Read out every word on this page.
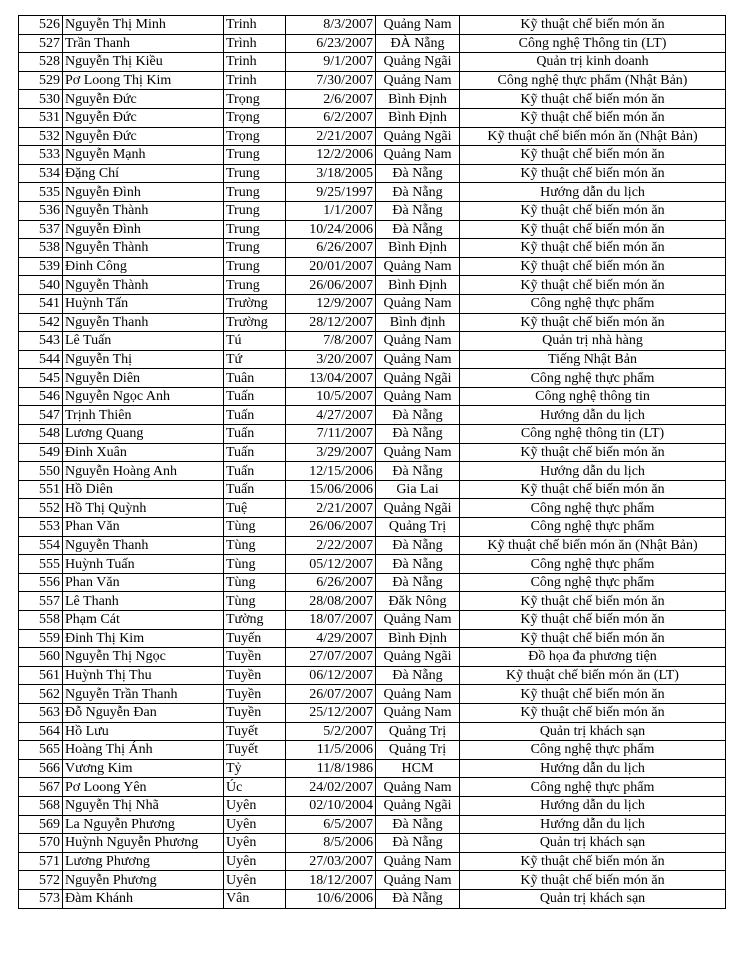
526	Nguyễn Thị Minh	Trinh	8/3/2007	Quảng Nam	Kỹ thuật chế biến món ăn
527	Trần Thanh	Trình	6/23/2007	ĐÀ Nẵng	Công nghệ Thông tin (LT)
528	Nguyễn Thị Kiều	Trinh	9/1/2007	Quảng Ngãi	Quản trị kinh doanh
529	Pơ Loong Thị Kim	Trinh	7/30/2007	Quảng Nam	Công nghệ thực phẩm (Nhật Bản)
530	Nguyễn Đức	Trọng	2/6/2007	Bình Định	Kỹ thuật chế biến món ăn
531	Nguyễn Đức	Trọng	6/2/2007	Bình Định	Kỹ thuật chế biến món ăn
532	Nguyễn Đức	Trọng	2/21/2007	Quảng Ngãi	Kỹ thuật chế biến món ăn (Nhật Bản)
533	Nguyễn Mạnh	Trung	12/2/2006	Quảng Nam	Kỹ thuật chế biến món ăn
534	Đặng Chí	Trung	3/18/2005	Đà Nẵng	Kỹ thuật chế biến món ăn
535	Nguyễn Đình	Trung	9/25/1997	Đà Nẵng	Hướng dẫn du lịch
536	Nguyễn Thành	Trung	1/1/2007	Đà Nẵng	Kỹ thuật chế biến món ăn
537	Nguyễn Đình	Trung	10/24/2006	Đà Nẵng	Kỹ thuật chế biến món ăn
538	Nguyễn Thành	Trung	6/26/2007	Bình Định	Kỹ thuật chế biến món ăn
539	Đinh Công	Trung	20/01/2007	Quảng Nam	Kỹ thuật chế biến món ăn
540	Nguyễn Thành	Trung	26/06/2007	Bình Định	Kỹ thuật chế biến món ăn
541	Huỳnh Tấn	Trường	12/9/2007	Quảng Nam	Công nghệ thực phẩm
542	Nguyễn Thanh	Trường	28/12/2007	Bình định	Kỹ thuật chế biến món ăn
543	Lê Tuấn	Tú	7/8/2007	Quảng Nam	Quản trị nhà hàng
544	Nguyễn Thị	Tứ	3/20/2007	Quảng Nam	Tiếng Nhật Bản
545	Nguyễn Diên	Tuân	13/04/2007	Quảng Ngãi	Công nghệ thực phẩm
546	Nguyễn Ngọc Anh	Tuấn	10/5/2007	Quảng Nam	Công nghệ thông tin
547	Trịnh Thiên	Tuấn	4/27/2007	Đà Nẵng	Hướng dẫn du lịch
548	Lương Quang	Tuấn	7/11/2007	Đà Nẵng	Công nghệ thông tin (LT)
549	Đinh Xuân	Tuấn	3/29/2007	Quảng Nam	Kỹ thuật chế biến món ăn
550	Nguyễn Hoàng Anh	Tuấn	12/15/2006	Đà Nẵng	Hướng dẫn du lịch
551	Hồ Diên	Tuấn	15/06/2006	Gia Lai	Kỹ thuật chế biến món ăn
552	Hồ Thị Quỳnh	Tuệ	2/21/2007	Quảng Ngãi	Công nghệ thực phẩm
553	Phan Văn	Tùng	26/06/2007	Quảng Trị	Công nghệ thực phẩm
554	Nguyễn Thanh	Tùng	2/22/2007	Đà Nẵng	Kỹ thuật chế biến món ăn (Nhật Bản)
555	Huỳnh Tuấn	Tùng	05/12/2007	Đà Nẵng	Công nghệ thực phẩm
556	Phan Văn	Tùng	6/26/2007	Đà Nẵng	Công nghệ thực phẩm
557	Lê Thanh	Tùng	28/08/2007	Đăk Nông	Kỹ thuật chế biến món ăn
558	Phạm Cát	Tường	18/07/2007	Quảng Nam	Kỹ thuật chế biến món ăn
559	Đinh Thị Kim	Tuyến	4/29/2007	Bình Định	Kỹ thuật chế biến món ăn
560	Nguyễn Thị Ngọc	Tuyền	27/07/2007	Quảng Ngãi	Đồ họa đa phương tiện
561	Huỳnh Thị Thu	Tuyền	06/12/2007	Đà Nẵng	Kỹ thuật chế biến món ăn (LT)
562	Nguyễn Trần Thanh	Tuyền	26/07/2007	Quảng Nam	Kỹ thuật chế biến món ăn
563	Đỗ Nguyễn Đan	Tuyền	25/12/2007	Quảng Nam	Kỹ thuật chế biến món ăn
564	Hồ Lưu	Tuyết	5/2/2007	Quảng Trị	Quản trị khách sạn
565	Hoàng Thị Ánh	Tuyết	11/5/2006	Quảng Trị	Công nghệ thực phẩm
566	Vương Kim	Tỷ	11/8/1986	HCM	Hướng dẫn du lịch
567	Pơ Loong Yên	Úc	24/02/2007	Quảng Nam	Công nghệ thực phẩm
568	Nguyễn Thị Nhã	Uyên	02/10/2004	Quảng Ngãi	Hướng dẫn du lịch
569	La Nguyễn Phương	Uyên	6/5/2007	Đà Nẵng	Hướng dẫn du lịch
570	Huỳnh Nguyễn Phương	Uyên	8/5/2006	Đà Nẵng	Quản trị khách sạn
571	Lương Phương	Uyên	27/03/2007	Quảng Nam	Kỹ thuật chế biến món ăn
572	Nguyễn Phương	Uyên	18/12/2007	Quảng Nam	Kỹ thuật chế biến món ăn
573	Đàm Khánh	Vân	10/6/2006	Đà Nẵng	Quản trị khách sạn
